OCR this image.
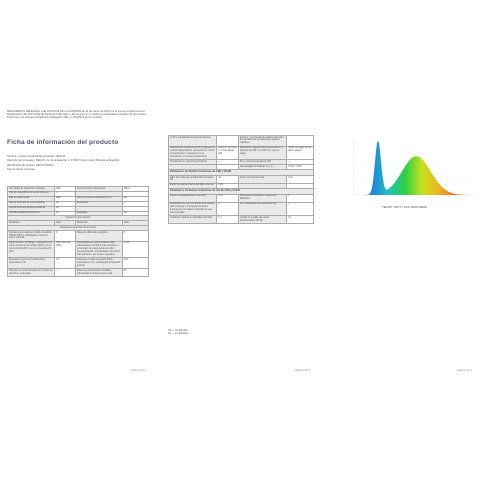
REGLAMENTO DELEGADO (UE) 2019/2015 DE LA COMISIÓN de 11 de marzo de 2019 por el que se complementa el Reglamento (UE) 2017/1369 del Parlamento Europeo y del Consejo en lo relativo al etiquetado energético de las fuentes luminosas y se deroga el Reglamento Delegado (UE) n.o 874/2012 de la Comisión
Ficha de información del producto
Nombre o marca comercial del proveedor: DECOS
Dirección del proveedor: DECOS, Av. de la Estación 1, 3º 08470 Sant Celoni, Barcelona (España)
Identificador del modelo: DECOS-5000K
Tipo de fuente luminosa:
Tecnología de iluminación utilizada	LED	No direccional o direccional	NDLS
Tipo de casquillo de la fuente luminosa	—		
Red de alimentación	RED	Fuente luminosa conectada (FLC)	No
Fuente luminosa de color ajustable	No	Envolvente	—
Fuente luminosa de alta luminancia	No		
Pantalla antideslumbramiento	No	Regulable	No
Parámetros del producto			
Parámetro	Valor	Parámetro	Valor
Parámetros generales del producto			
Consumo de energía en modo encendido (kWh/1 000 h), redondeado al número entero superior	6	Clase de eficiencia energética	F
Flujo luminoso útil (Φuse), indicando si se refiere al flujo en una esfera (360°), en un cono ancho (120°) o en un cono estrecho (90°)	680 in Es-fera (360°)	Temperatura de color correlacionada, redondeada a los 100 K más próximos, o el intervalo de temperaturas de color correlacionadas, redondeadas a los 100 K más próximos, que pueden regularse	5 000
Potencia en modo encendido (Pon), expresada en W	6,0	Potencia en modo de espera (Psb), expresada en W y redondeada al segundo decimal	0,00
Potencia en modo de espera en red (Pnet) para FLC, expresada	—	Índice de reproducción cromática, redondeado al número entero más	81
Página 1 de 3
en W y redondeada al segundo decimal		próximo, o el intervalo de valores del índice de reproducción cromática que pueden regularse	
Dimensiones exteriores sin un engranaje de control independiente, elementos de control de iluminación y elementos no de iluminación, en su caso (milímetros)	Altura 4 / Anchura 4 / Profundidad 300	Distribución espectral de la potencia en el intervalo de 250 nm a 800 nm, a plena carga	Véase la imagen en la última página
Declaración de potencia equivalente	—	Si sí, potencia equivalente (W)	—
		Coordenadas cromáticas (x e y)	0,346 / 0,359
Parámetros de fuentes luminosas de LED y OLED			
Valor del índice de reproducción cromática R9	25	Factor de supervivencia	1,00
Factor de mantenimiento del flujo luminoso	0,96		
Parámetros de fuentes luminosas de red de LED y OLED			
Factor de desplazamiento (cos φ1)	0,56	Coherencia cromática en elipses de MacAdam	5
Declaración de que una fuente luminosa de LED sustituye a una fuente luminosa fluorescente sin balasto integrado de una potencia dada	—	Si sí, declaración de sustitución (W)	—
Unidad de medida del parpadeo (Pst LM)	0,4	Unidad de medida del efecto estroboscópico (SVM)	0,4
NS — no aplicable
NA — no aplicable
Página 2 de 3
TECAP / 5077 / CCK 5000 5000K
Página 3 de 3
